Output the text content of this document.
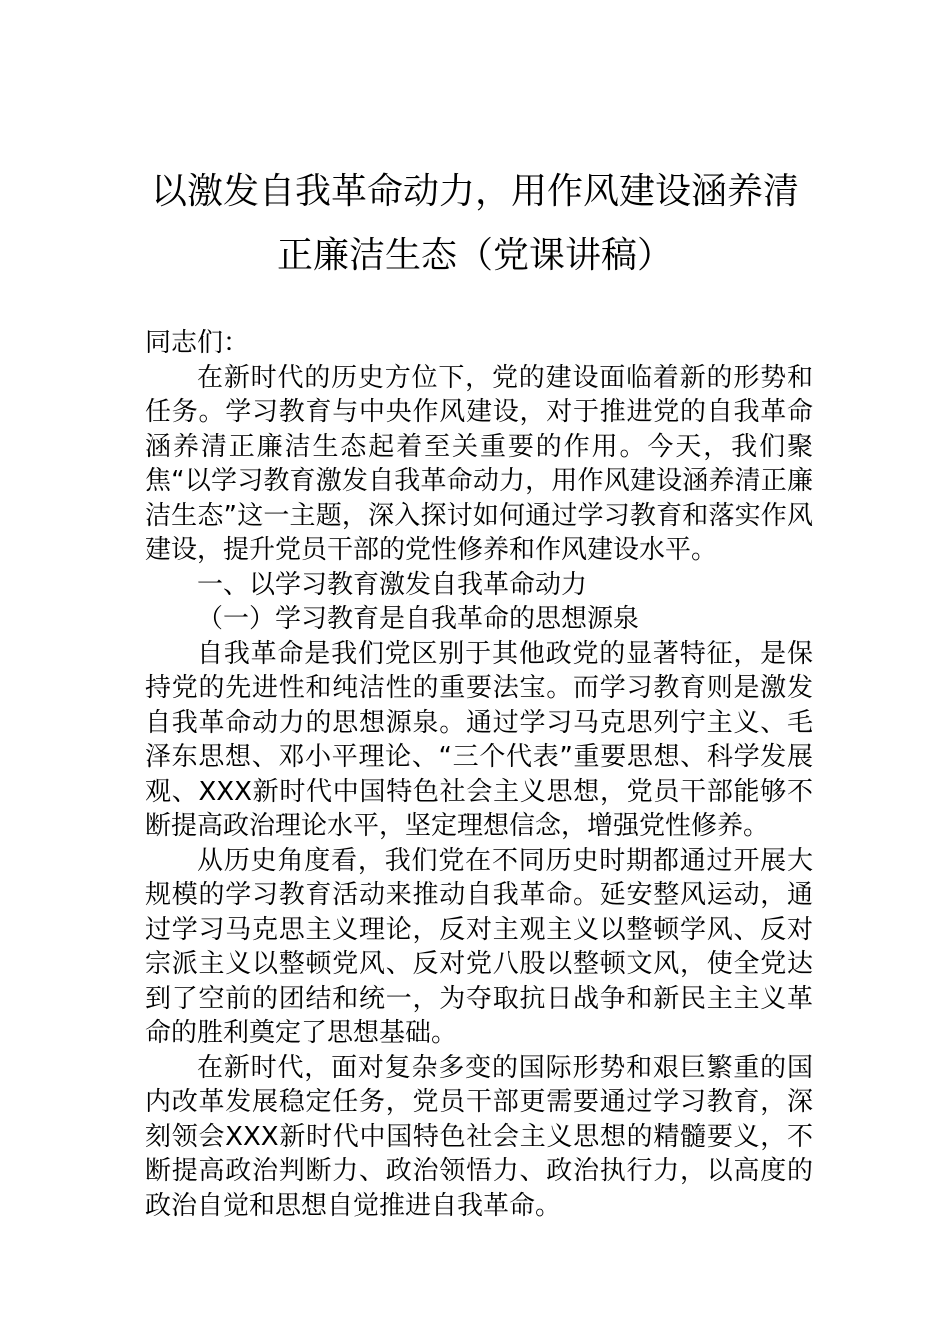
以激发自我革命动力，用作风建设涵养清
正廉洁生态（党课讲稿）

同志们：

在新时代的历史方位下，党的建设面临着新的形势和任务。学习教育与中央作风建设，对于推进党的自我革命涵养清正廉洁生态起着至关重要的作用。今天，我们聚焦“以学习教育激发自我革命动力，用作风建设涵养清正廉洁生态”这一主题，深入探讨如何通过学习教育和落实作风建设，提升党员干部的党性修养和作风建设水平。

一、以学习教育激发自我革命动力

（一）学习教育是自我革命的思想源泉

自我革命是我们党区别于其他政党的显著特征，是保持党的先进性和纯洁性的重要法宝。而学习教育则是激发自我革命动力的思想源泉。通过学习马克思列宁主义、毛泽东思想、邓小平理论、“三个代表”重要思想、科学发展观、XXX新时代中国特色社会主义思想，党员干部能够不断提高政治理论水平，坚定理想信念，增强党性修养。

从历史角度看，我们党在不同历史时期都通过开展大规模的学习教育活动来推动自我革命。延安整风运动，通过学习马克思主义理论，反对主观主义以整顿学风、反对宗派主义以整顿党风、反对党八股以整顿文风，使全党达到了空前的团结和统一，为夺取抗日战争和新民主主义革命的胜利奠定了思想基础。

在新时代，面对复杂多变的国际形势和艰巨繁重的国内改革发展稳定任务，党员干部更需要通过学习教育，深刻领会XXX新时代中国特色社会主义思想的精髓要义，不断提高政治判断力、政治领悟力、政治执行力，以高度的政治自觉和思想自觉推进自我革命。
